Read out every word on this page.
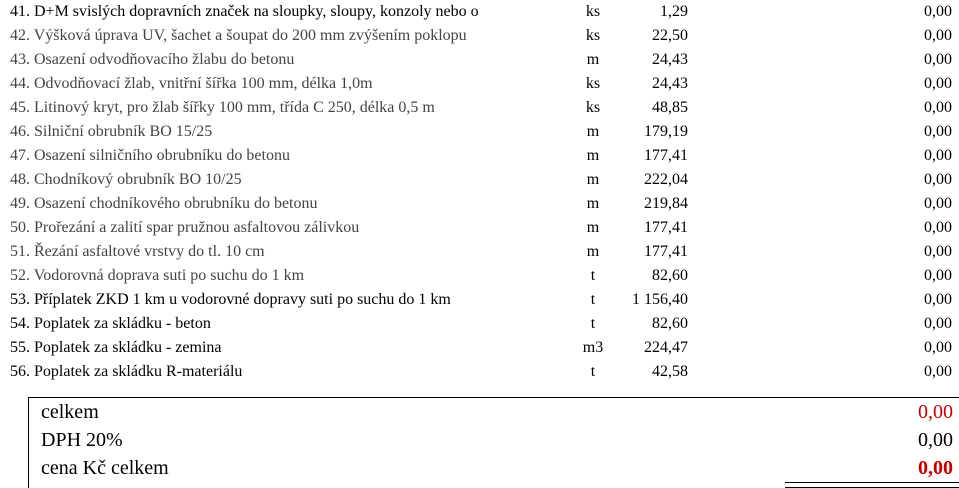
41. D+M svislých dopravních značek na sloupky, sloupy, konzoly nebo o	ks	1,29	0,00
42. Výšková úprava UV, šachet a šoupat do 200 mm zvýšením poklopu	ks	22,50	0,00
43. Osazení odvodňovacího žlabu do betonu	m	24,43	0,00
44. Odvodňovací žlab, vnitřní šířka 100 mm, délka 1,0m	ks	24,43	0,00
45. Litinový kryt, pro žlab šířky 100 mm, třída C 250, délka 0,5 m	ks	48,85	0,00
46. Silniční obrubník BO 15/25	m	179,19	0,00
47. Osazení silničního obrubníku do betonu	m	177,41	0,00
48. Chodníkový obrubník BO 10/25	m	222,04	0,00
49. Osazení chodníkového obrubníku do betonu	m	219,84	0,00
50. Prořezání a zalití spar pružnou asfaltovou zálivkou	m	177,41	0,00
51. Řezání asfaltové vrstvy do tl. 10 cm	m	177,41	0,00
52. Vodorovná doprava suti po suchu do 1 km	t	82,60	0,00
53. Příplatek ZKD 1 km u vodorovné dopravy suti po suchu do 1 km	t	1 156,40	0,00
54. Poplatek za skládku - beton	t	82,60	0,00
55. Poplatek za skládku - zemina	m3	224,47	0,00
56. Poplatek za skládku R-materiálu	t	42,58	0,00
celkem	0,00
DPH 20%	0,00
cena Kč celkem	0,00
